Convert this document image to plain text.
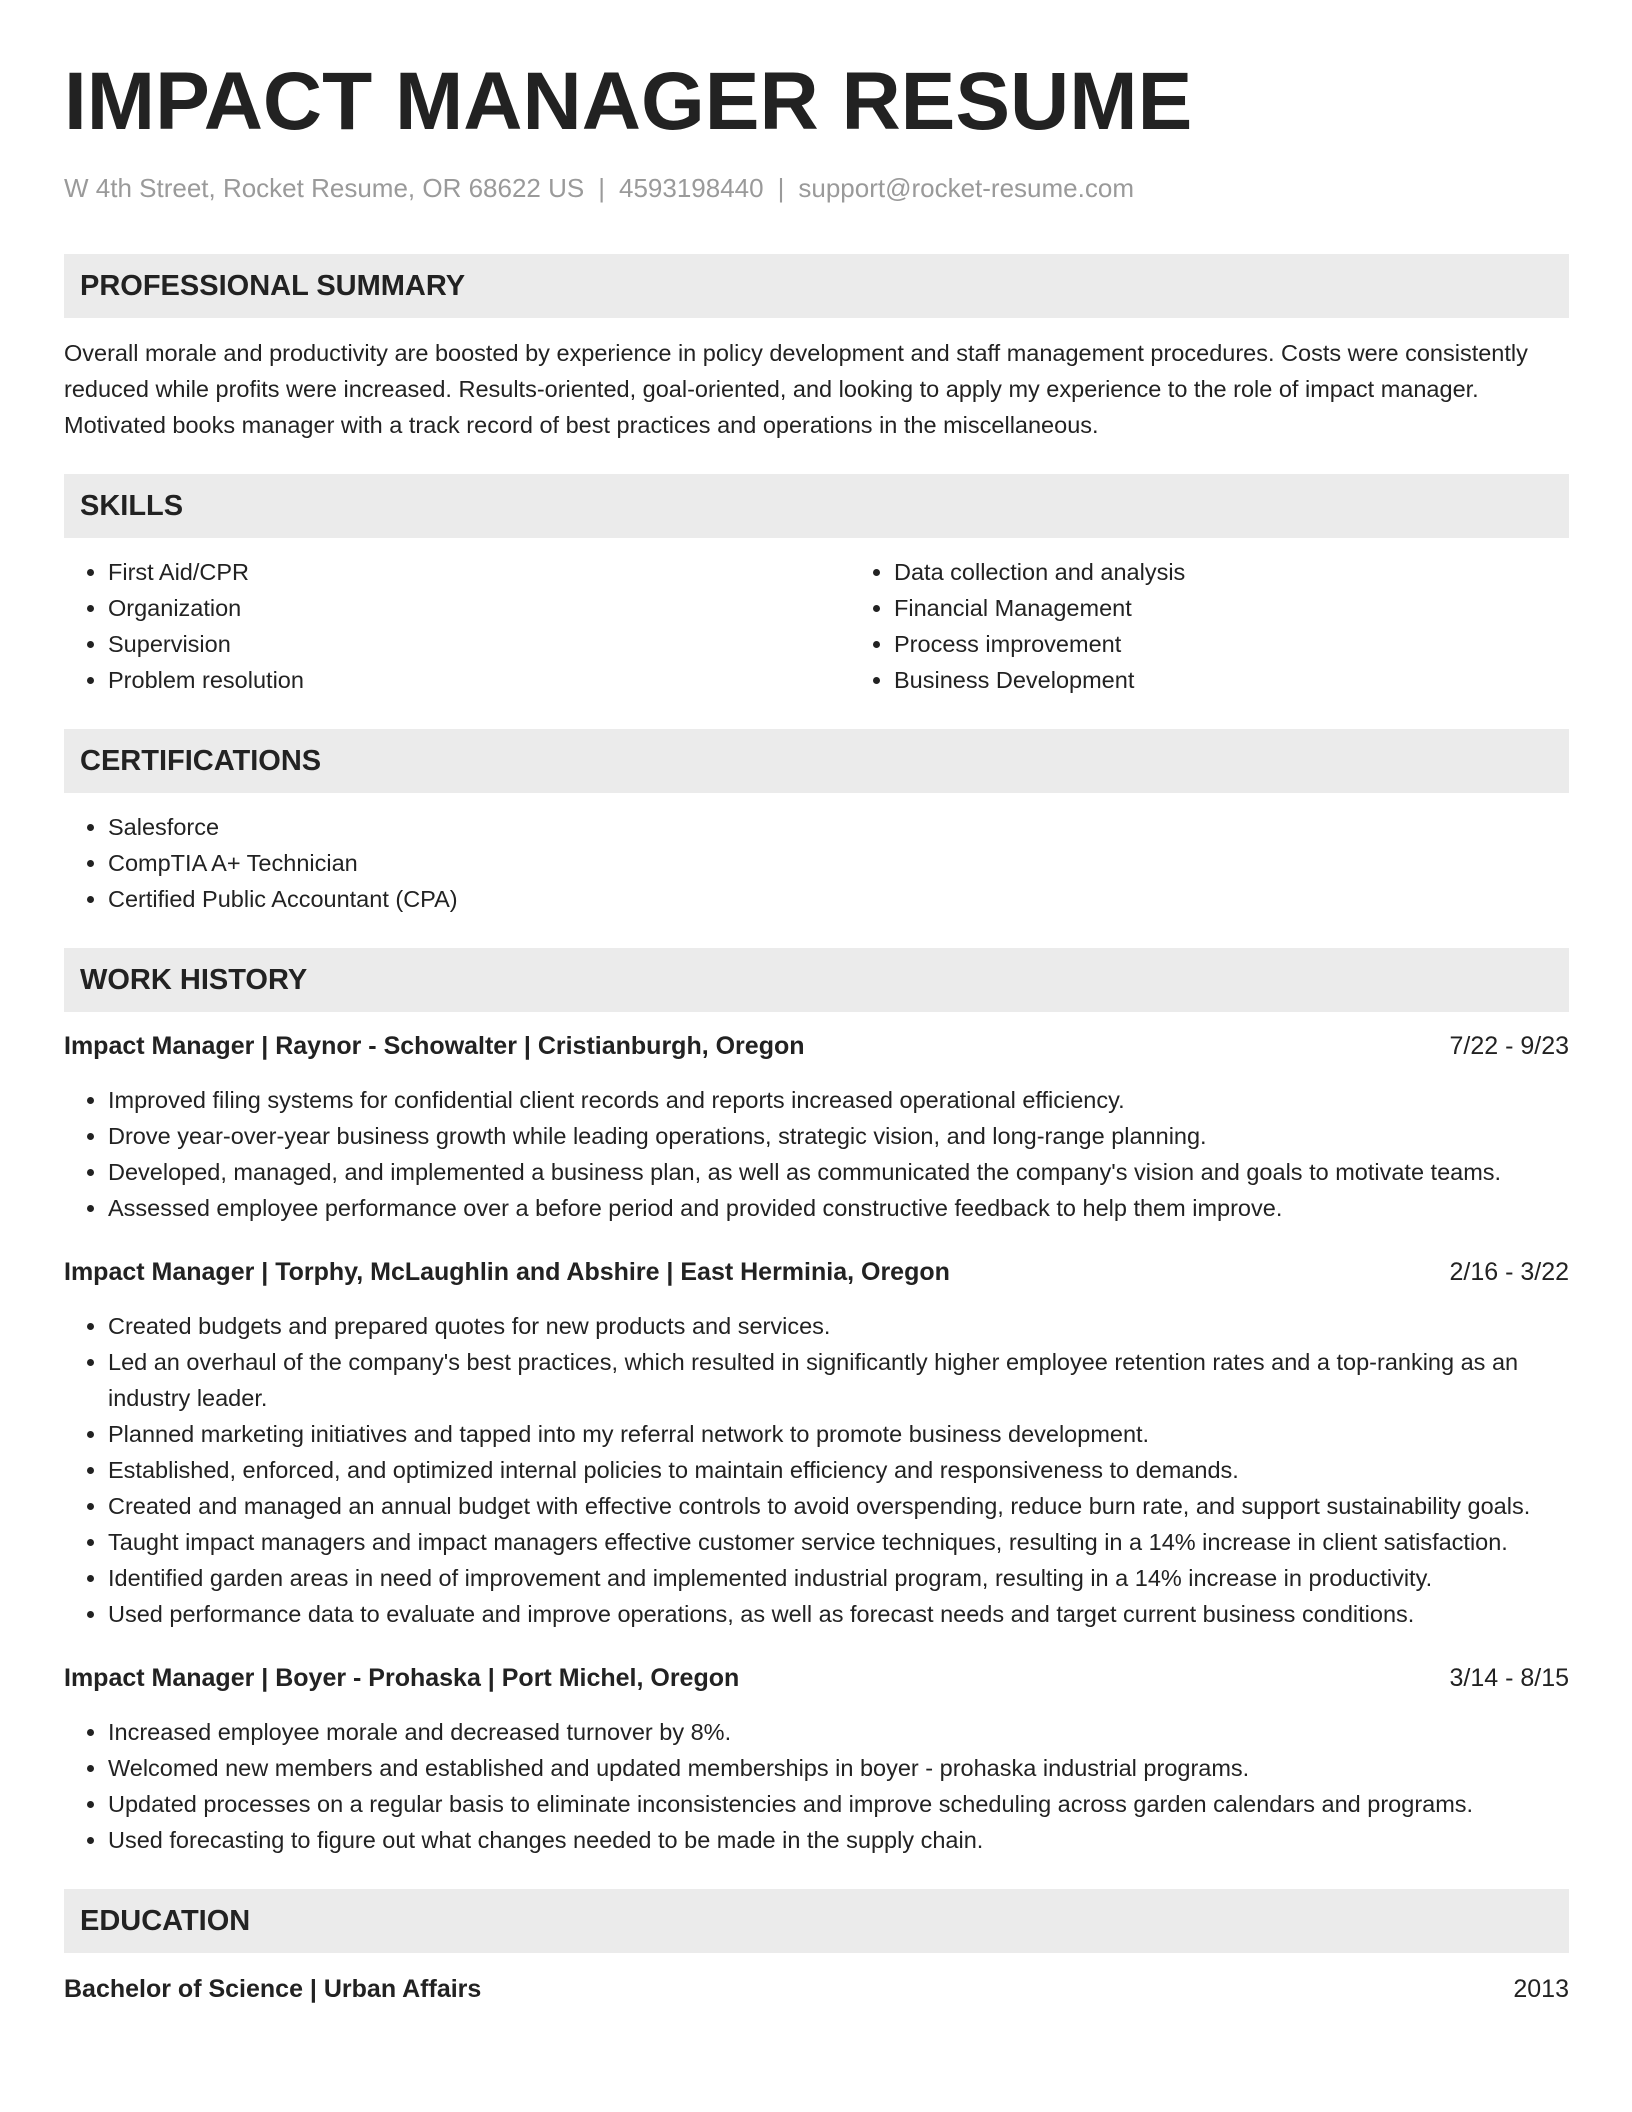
IMPACT MANAGER RESUME
W 4th Street, Rocket Resume, OR 68622 US | 4593198440 | support@rocket-resume.com
PROFESSIONAL SUMMARY

Overall morale and productivity are boosted by experience in policy development and staff management procedures. Costs were consistently reduced while profits were increased. Results-oriented, goal-oriented, and looking to apply my experience to the role of impact manager. Motivated books manager with a track record of best practices and operations in the miscellaneous.

SKILLS
• First Aid/CPR
• Organization
• Supervision
• Problem resolution
• Data collection and analysis
• Financial Management
• Process improvement
• Business Development
CERTIFICATIONS
• Salesforce
• CompTIA A+ Technician
• Certified Public Accountant (CPA)
WORK HISTORY
Impact Manager | Raynor - Schowalter | Cristianburgh, Oregon	7/22 - 9/23
• Improved filing systems for confidential client records and reports increased operational efficiency.
• Drove year-over-year business growth while leading operations, strategic vision, and long-range planning.
• Developed, managed, and implemented a business plan, as well as communicated the company's vision and goals to motivate teams.
• Assessed employee performance over a before period and provided constructive feedback to help them improve.
Impact Manager | Torphy, McLaughlin and Abshire | East Herminia, Oregon	2/16 - 3/22
• Created budgets and prepared quotes for new products and services.
• Led an overhaul of the company's best practices, which resulted in significantly higher employee retention rates and a top-ranking as an industry leader.
• Planned marketing initiatives and tapped into my referral network to promote business development.
• Established, enforced, and optimized internal policies to maintain efficiency and responsiveness to demands.
• Created and managed an annual budget with effective controls to avoid overspending, reduce burn rate, and support sustainability goals.
• Taught impact managers and impact managers effective customer service techniques, resulting in a 14% increase in client satisfaction.
• Identified garden areas in need of improvement and implemented industrial program, resulting in a 14% increase in productivity.
• Used performance data to evaluate and improve operations, as well as forecast needs and target current business conditions.
Impact Manager | Boyer - Prohaska | Port Michel, Oregon	3/14 - 8/15
• Increased employee morale and decreased turnover by 8%.
• Welcomed new members and established and updated memberships in boyer - prohaska industrial programs.
• Updated processes on a regular basis to eliminate inconsistencies and improve scheduling across garden calendars and programs.
• Used forecasting to figure out what changes needed to be made in the supply chain.
EDUCATION
Bachelor of Science | Urban Affairs	2013
